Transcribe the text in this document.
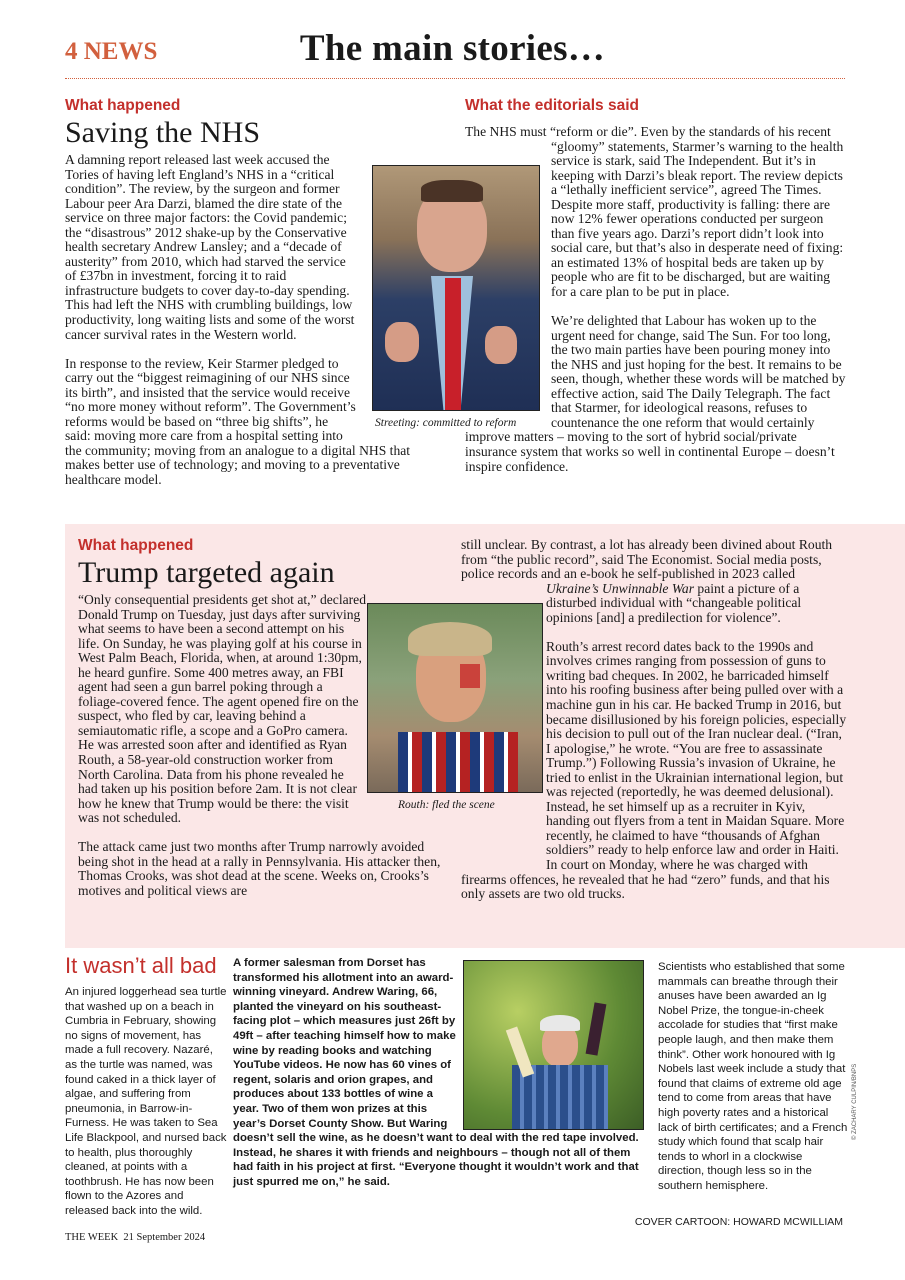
4 NEWS	The main stories…
What happened
Saving the NHS

A damning report released last week accused the Tories of having left England’s NHS in a “critical condition”. The review, by the surgeon and former Labour peer Ara Darzi, blamed the dire state of the service on three major factors: the Covid pandemic; the “disastrous” 2012 shake-up by the Conservative health secretary Andrew Lansley; and a “decade of austerity” from 2010, which had starved the service of £37bn in investment, forcing it to raid infrastructure budgets to cover day-to-day spending. This had left the NHS with crumbling buildings, low productivity, long waiting lists and some of the worst cancer survival rates in the Western world.

In response to the review, Keir Starmer pledged to carry out the “biggest reimagining of our NHS since its birth”, and insisted that the service would receive “no more money without reform”. The Government’s reforms would be based on “three big shifts”, he said: moving more care from a hospital setting into the community; moving from an analogue to a digital NHS that makes better use of technology; and moving to a preventative healthcare model.

Streeting: committed to reform
What the editorials said

The NHS must “reform or die”. Even by the standards of his recent “gloomy” statements, Starmer’s warning to the health service is stark, said The Independent. But it’s in keeping with Darzi’s bleak report. The review depicts a “lethally inefficient service”, agreed The Times. Despite more staff, productivity is falling: there are now 12% fewer operations conducted per surgeon than five years ago. Darzi’s report didn’t look into social care, but that’s also in desperate need of fixing: an estimated 13% of hospital beds are taken up by people who are fit to be discharged, but are waiting for a care plan to be put in place.

We’re delighted that Labour has woken up to the urgent need for change, said The Sun. For too long, the two main parties have been pouring money into the NHS and just hoping for the best. It remains to be seen, though, whether these words will be matched by effective action, said The Daily Telegraph. The fact that Starmer, for ideological reasons, refuses to countenance the one reform that would certainly improve matters – moving to the sort of hybrid social/private insurance system that works so well in continental Europe – doesn’t inspire confidence.

What happened
Trump targeted again

“Only consequential presidents get shot at,” declared Donald Trump on Tuesday, just days after surviving what seems to have been a second attempt on his life. On Sunday, he was playing golf at his course in West Palm Beach, Florida, when, at around 1:30pm, he heard gunfire. Some 400 metres away, an FBI agent had seen a gun barrel poking through a foliage-covered fence. The agent opened fire on the suspect, who fled by car, leaving behind a semiautomatic rifle, a scope and a GoPro camera. He was arrested soon after and identified as Ryan Routh, a 58-year-old construction worker from North Carolina. Data from his phone revealed he had taken up his position before 2am. It is not clear how he knew that Trump would be there: the visit was not scheduled.

The attack came just two months after Trump narrowly avoided being shot in the head at a rally in Pennsylvania. His attacker then, Thomas Crooks, was shot dead at the scene. Weeks on, Crooks’s motives and political views are

still unclear. By contrast, a lot has already been divined about Routh from “the public record”, said The Economist. Social media posts, police records and an e-book he self-published in 2023 called Ukraine’s Unwinnable War paint a picture of a disturbed individual with “changeable political opinions [and] a predilection for violence”.

Routh’s arrest record dates back to the 1990s and involves crimes ranging from possession of guns to writing bad cheques. In 2002, he barricaded himself into his roofing business after being pulled over with a machine gun in his car. He backed Trump in 2016, but became disillusioned by his foreign policies, especially his decision to pull out of the Iran nuclear deal. (“Iran, I apologise,” he wrote. “You are free to assassinate Trump.”) Following Russia’s invasion of Ukraine, he tried to enlist in the Ukrainian international legion, but was rejected (reportedly, he was deemed delusional). Instead, he set himself up as a recruiter in Kyiv, handing out flyers from a tent in Maidan Square. More recently, he claimed to have “thousands of Afghan soldiers” ready to help enforce law and order in Haiti. In court on Monday, where he was charged with firearms offences, he revealed that he had “zero” funds, and that his only assets are two old trucks.

Routh: fled the scene
It wasn’t all bad
An injured loggerhead sea turtle that washed up on a beach in Cumbria in February, showing no signs of movement, has made a full recovery. Nazaré, as the turtle was named, was found caked in a thick layer of algae, and suffering from pneumonia, in Barrow-in-Furness. He was taken to Sea Life Blackpool, and nursed back to health, plus thoroughly cleaned, at points with a toothbrush. He has now been flown to the Azores and released back into the wild.
A former salesman from Dorset has transformed his allotment into an award-winning vineyard. Andrew Waring, 66, planted the vineyard on his southeast-facing plot – which measures just 26ft by 49ft – after teaching himself how to make wine by reading books and watching YouTube videos. He now has 60 vines of regent, solaris and orion grapes, and produces about 133 bottles of wine a year. Two of them won prizes at this year’s Dorset County Show. But Waring doesn’t sell the wine, as he doesn’t want to deal with the red tape involved. Instead, he shares it with friends and neighbours – though not all of them had faith in his project at first. “Everyone thought it wouldn’t work and that just spurred me on,” he said.
Scientists who established that some mammals can breathe through their anuses have been awarded an Ig Nobel Prize, the tongue-in-cheek accolade for studies that “first make people laugh, and then make them think”. Other work honoured with Ig Nobels last week include a study that found that claims of extreme old age tend to come from areas that have high poverty rates and a historical lack of birth certificates; and a French study which found that scalp hair tends to whorl in a clockwise direction, though less so in the southern hemisphere.
© ZACHARY CULPIN/BNPS
COVER CARTOON: HOWARD MCWILLIAM
THE WEEK 21 September 2024
